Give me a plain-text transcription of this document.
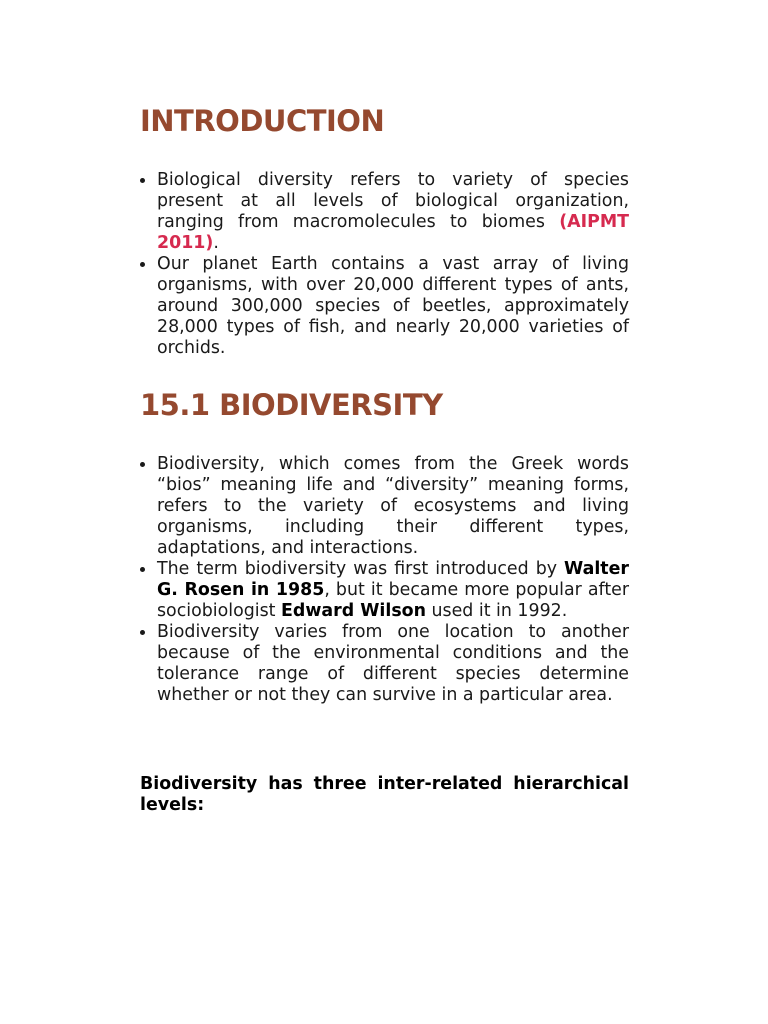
INTRODUCTION
Biological diversity refers to variety of species present at all levels of biological organization, ranging from macromolecules to biomes (AIPMT 2011).
Our planet Earth contains a vast array of living organisms, with over 20,000 different types of ants, around 300,000 species of beetles, approximately 28,000 types of fish, and nearly 20,000 varieties of orchids.
15.1 BIODIVERSITY
Biodiversity, which comes from the Greek words “bios” meaning life and “diversity” meaning forms, refers to the variety of ecosystems and living organisms, including their different types, adaptations, and interactions.
The term biodiversity was first introduced by Walter G. Rosen in 1985, but it became more popular after sociobiologist Edward Wilson used it in 1992.
Biodiversity varies from one location to another because of the environmental conditions and the tolerance range of different species determine whether or not they can survive in a particular area.

Biodiversity has three inter-related hierarchical levels:
